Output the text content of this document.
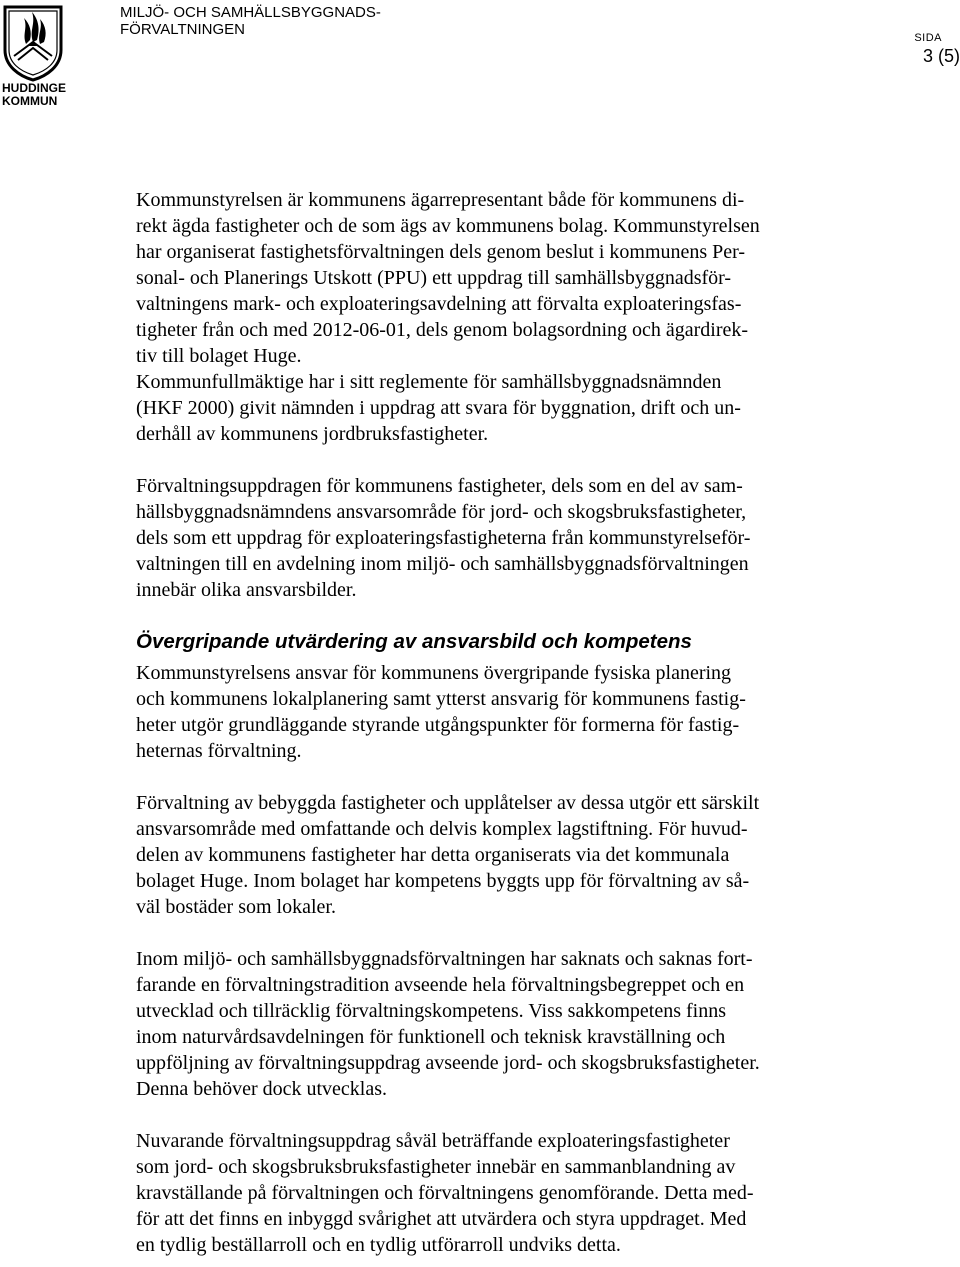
HUDDINGE
KOMMUN
MILJÖ- OCH SAMHÄLLSBYGGNADS-
FÖRVALTNINGEN	SIDA
3 (5)

Kommunstyrelsen är kommunens ägarrepresentant både för kommunens di-
rekt ägda fastigheter och de som ägs av kommunens bolag. Kommunstyrelsen
har organiserat fastighetsförvaltningen dels genom beslut i kommunens Per-
sonal- och Planerings Utskott (PPU) ett uppdrag till samhällsbyggnadsför-
valtningens mark- och exploateringsavdelning att förvalta exploateringsfas-
tigheter från och med 2012-06-01, dels genom bolagsordning och ägardirek-
tiv till bolaget Huge.

Kommunfullmäktige har i sitt reglemente för samhällsbyggnadsnämnden
(HKF 2000) givit nämnden i uppdrag att svara för byggnation, drift och un-
derhåll av kommunens jordbruksfastigheter.

Förvaltningsuppdragen för kommunens fastigheter, dels som en del av sam-
hällsbyggnadsnämndens ansvarsområde för jord- och skogsbruksfastigheter,
dels som ett uppdrag för exploateringsfastigheterna från kommunstyrelseför-
valtningen till en avdelning inom miljö- och samhällsbyggnadsförvaltningen
innebär olika ansvarsbilder.

Övergripande utvärdering av ansvarsbild och kompetens

Kommunstyrelsens ansvar för kommunens övergripande fysiska planering
och kommunens lokalplanering samt ytterst ansvarig för kommunens fastig-
heter utgör grundläggande styrande utgångspunkter för formerna för fastig-
heternas förvaltning.

Förvaltning av bebyggda fastigheter och upplåtelser av dessa utgör ett särskilt
ansvarsområde med omfattande och delvis komplex lagstiftning. För huvud-
delen av kommunens fastigheter har detta organiserats via det kommunala
bolaget Huge. Inom bolaget har kompetens byggts upp för förvaltning av så-
väl bostäder som lokaler.

Inom miljö- och samhällsbyggnadsförvaltningen har saknats och saknas fort-
farande en förvaltningstradition avseende hela förvaltningsbegreppet och en
utvecklad och tillräcklig förvaltningskompetens. Viss sakkompetens finns
inom naturvårdsavdelningen för funktionell och teknisk kravställning och
uppföljning av förvaltningsuppdrag avseende jord- och skogsbruksfastigheter.
Denna behöver dock utvecklas.

Nuvarande förvaltningsuppdrag såväl beträffande exploateringsfastigheter
som jord- och skogsbruksbruksfastigheter innebär en sammanblandning av
kravställande på förvaltningen och förvaltningens genomförande. Detta med-
för att det finns en inbyggd svårighet att utvärdera och styra uppdraget. Med
en tydlig beställarroll och en tydlig utförarroll undviks detta.
